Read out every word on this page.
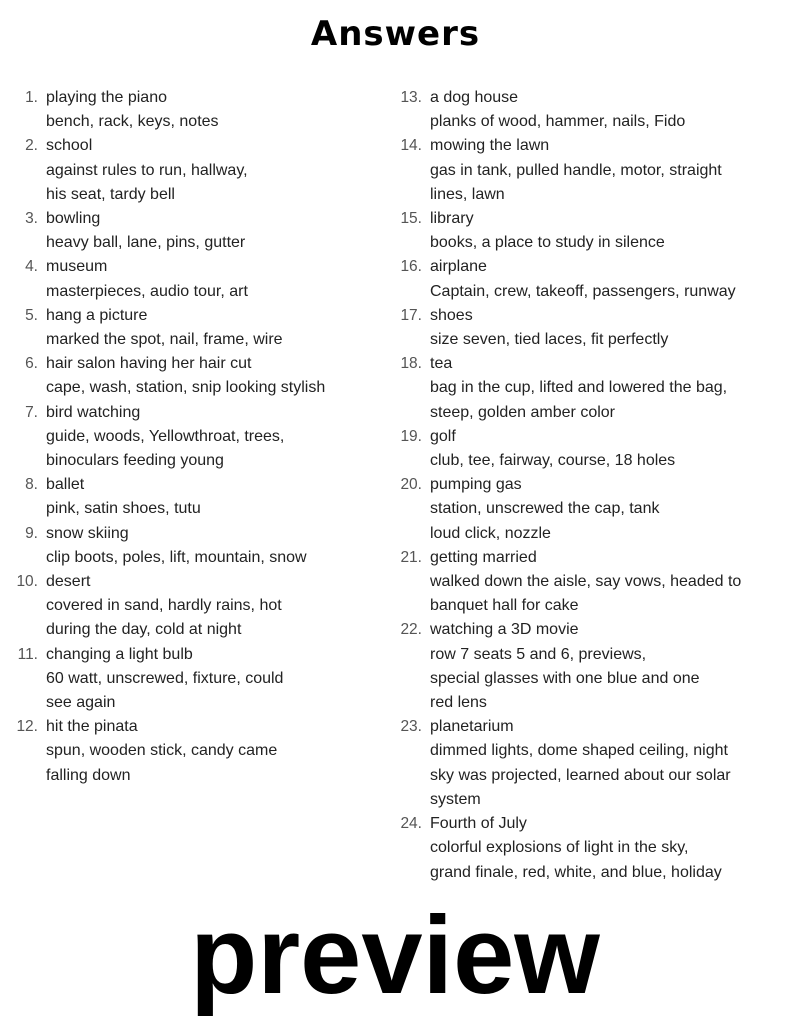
Answers
1. playing the piano
bench, rack, keys, notes
2. school
against rules to run, hallway,
his seat, tardy bell
3. bowling
heavy ball, lane, pins, gutter
4. museum
masterpieces, audio tour, art
5. hang a picture
marked the spot, nail, frame, wire
6. hair salon having her hair cut
cape, wash, station, snip looking stylish
7. bird watching
guide, woods, Yellowthroat, trees,
binoculars feeding young
8. ballet
pink, satin shoes, tutu
9. snow skiing
clip boots, poles, lift, mountain, snow
10. desert
covered in sand, hardly rains, hot
during the day, cold at night
11. changing a light bulb
60 watt, unscrewed, fixture, could
see again
12. hit the pinata
spun, wooden stick, candy came
falling down
13. a dog house
planks of wood, hammer, nails, Fido
14. mowing the lawn
gas in tank, pulled handle, motor, straight
lines, lawn
15. library
books, a place to study in silence
16. airplane
Captain, crew, takeoff, passengers, runway
17. shoes
size seven, tied laces, fit perfectly
18. tea
bag in the cup, lifted and lowered the bag,
steep, golden amber color
19. golf
club, tee, fairway, course, 18 holes
20. pumping gas
station, unscrewed the cap, tank
loud click, nozzle
21. getting married
walked down the aisle, say vows, headed to
banquet hall for cake
22. watching a 3D movie
row 7 seats 5 and 6, previews,
special glasses with one blue and one
red lens
23. planetarium
dimmed lights, dome shaped ceiling, night
sky was projected, learned about our solar
system
24. Fourth of July
colorful explosions of light in the sky,
grand finale, red, white, and blue, holiday
preview
